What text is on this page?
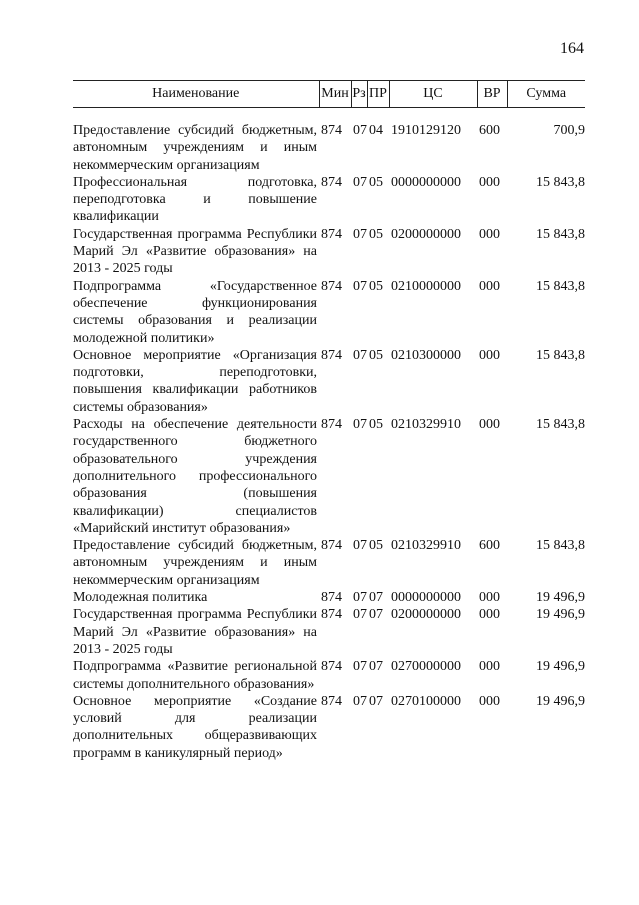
164
Наименование	Мин	Рз	ПР	ЦС	ВР	Сумма

Предоставление субсидий бюджетным, автономным учреждениям и иным некоммерческим организациям	874	07	04	1910129120	600	700,9
Профессиональная подготовка, переподготовка и повышение квалификации	874	07	05	0000000000	000	15 843,8
Государственная программа Республики Марий Эл «Развитие образования» на 2013 - 2025 годы	874	07	05	0200000000	000	15 843,8
Подпрограмма «Государственное обеспечение функционирования системы образования и реализации молодежной политики»	874	07	05	0210000000	000	15 843,8
Основное мероприятие «Организация подготовки, переподготовки, повышения квалификации работников системы образования»	874	07	05	0210300000	000	15 843,8
Расходы на обеспечение деятельности государственного бюджетного образовательного учреждения дополнительного профессионального образования (повышения квалификации) специалистов «Марийский институт образования»	874	07	05	0210329910	000	15 843,8
Предоставление субсидий бюджетным, автономным учреждениям и иным некоммерческим организациям	874	07	05	0210329910	600	15 843,8
Молодежная политика	874	07	07	0000000000	000	19 496,9
Государственная программа Республики Марий Эл «Развитие образования» на 2013 - 2025 годы	874	07	07	0200000000	000	19 496,9
Подпрограмма «Развитие региональной системы дополнительного образования»	874	07	07	0270000000	000	19 496,9
Основное мероприятие «Создание условий для реализации дополнительных общеразвивающих программ в каникулярный период»	874	07	07	0270100000	000	19 496,9
